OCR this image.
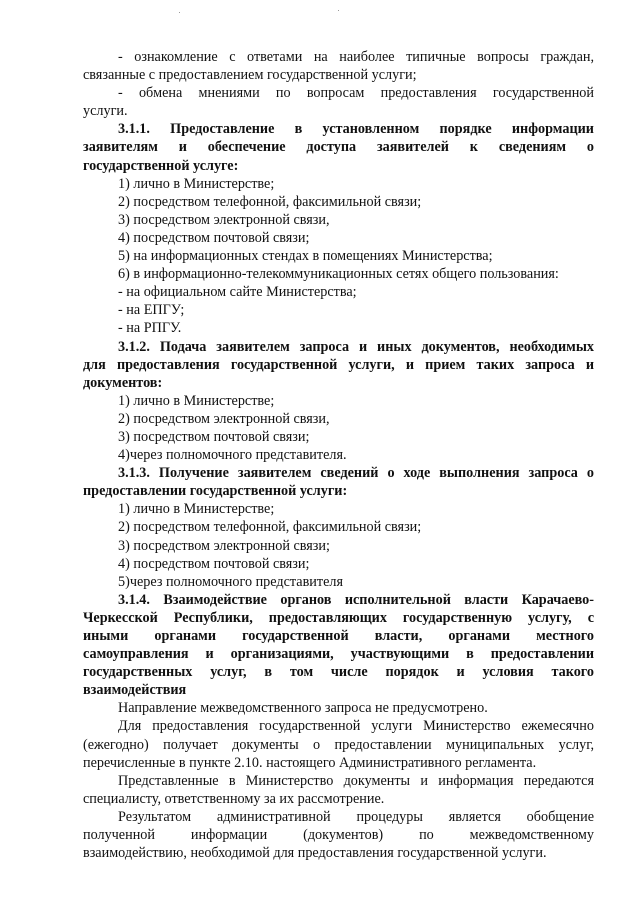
- ознакомление с ответами на наиболее типичные вопросы граждан,
связанные с предоставлением государственной услуги;
- обмена мнениями по вопросам предоставления государственной
услуги.
3.1.1. Предоставление в установленном порядке информации
заявителям и обеспечение доступа заявителей к сведениям о
государственной услуге:
1) лично в Министерстве;
2) посредством телефонной, факсимильной связи;
3) посредством электронной связи,
4) посредством почтовой связи;
5) на информационных стендах в помещениях Министерства;
6) в информационно-телекоммуникационных сетях общего пользования:
- на официальном сайте Министерства;
- на ЕПГУ;
- на РПГУ.
3.1.2. Подача заявителем запроса и иных документов, необходимых
для предоставления государственной услуги, и прием таких запроса и
документов:
1) лично в Министерстве;
2) посредством электронной связи,
3) посредством почтовой связи;
4)через полномочного представителя.
3.1.3. Получение заявителем сведений о ходе выполнения запроса о
предоставлении государственной услуги:
1) лично в Министерстве;
2) посредством телефонной, факсимильной связи;
3) посредством электронной связи;
4) посредством почтовой связи;
5)через полномочного представителя
3.1.4. Взаимодействие органов исполнительной власти Карачаево-
Черкесской Республики, предоставляющих государственную услугу, с
иными органами государственной власти, органами местного
самоуправления и организациями, участвующими в предоставлении
государственных услуг, в том числе порядок и условия такого
взаимодействия
Направление межведомственного запроса не предусмотрено.
Для предоставления государственной услуги Министерство ежемесячно
(ежегодно) получает документы о предоставлении муниципальных услуг,
перечисленные в пункте 2.10. настоящего Административного регламента.
Представленные в Министерство документы и информация передаются
специалисту, ответственному за их рассмотрение.
Результатом административной процедуры является обобщение
полученной информации (документов) по межведомственному
взаимодействию, необходимой для предоставления государственной услуги.
